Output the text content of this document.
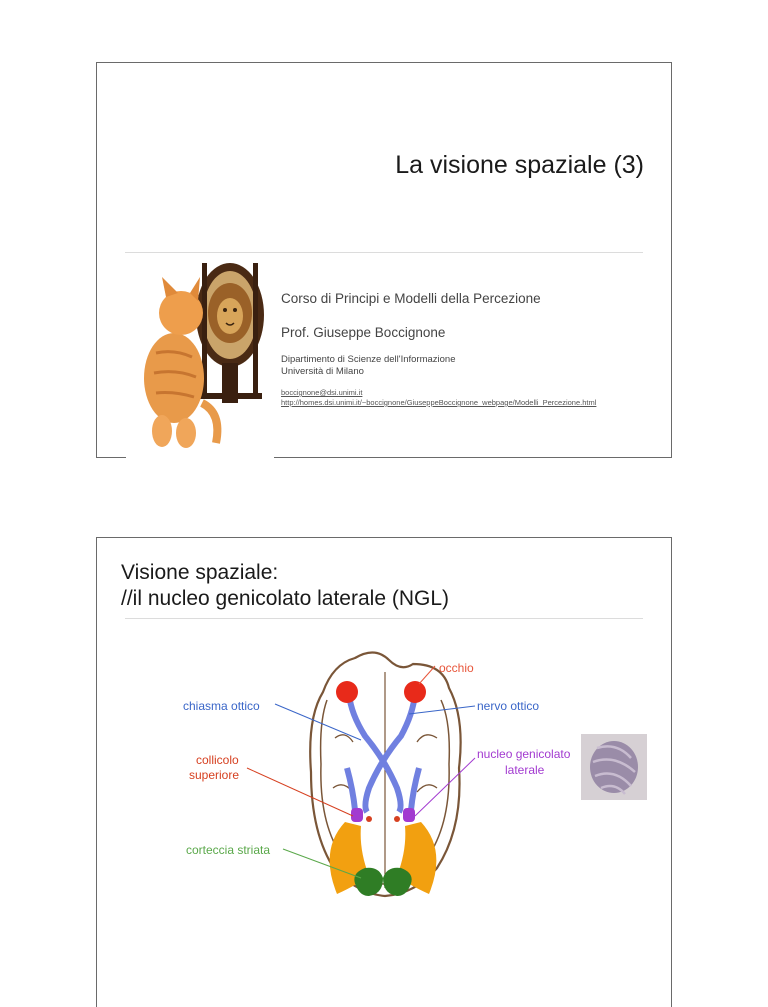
La visione spaziale (3)
Corso di Principi e Modelli della Percezione
Prof. Giuseppe Boccignone
Dipartimento di Scienze dell'Informazione
Università di Milano
boccignone@dsi.unimi.it
http://homes.dsi.unimi.it/~boccignone/GiuseppeBoccignone_webpage/Modelli_Percezione.html
Visione spaziale:
//il nucleo genicolato laterale (NGL)
occhio
chiasma ottico	nervo ottico
collicolo
superiore
nucleo genicolato
laterale
corteccia striata
